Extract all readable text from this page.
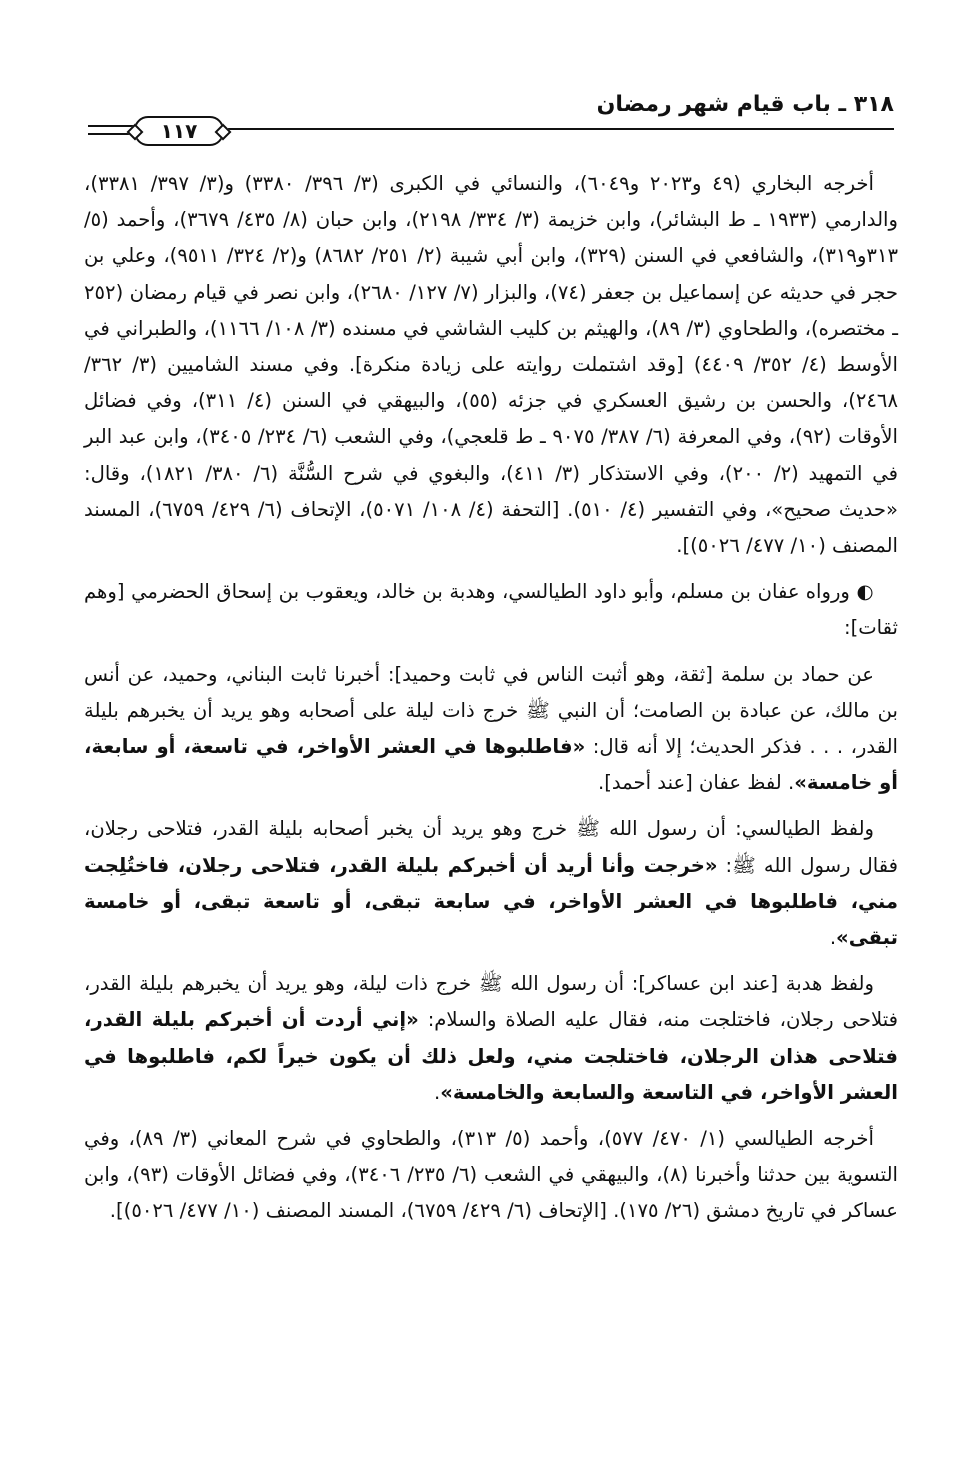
٣١٨ ـ باب قيام شهر رمضان
١١٧

أخرجه البخاري (٤٩ و٢٠٢٣ و٦٠٤٩)، والنسائي في الكبرى (٣/ ٣٩٦/ ٣٣٨٠) و(٣/ ٣٩٧/ ٣٣٨١)، والدارمي (١٩٣٣ ـ ط البشائر)، وابن خزيمة (٣/ ٣٣٤/ ٢١٩٨)، وابن حبان (٨/ ٤٣٥/ ٣٦٧٩)، وأحمد (٥/ ٣١٣و٣١٩)، والشافعي في السنن (٣٢٩)، وابن أبي شيبة (٢/ ٢٥١/ ٨٦٨٢) و(٢/ ٣٢٤/ ٩٥١١)، وعلي بن حجر في حديثه عن إسماعيل بن جعفر (٧٤)، والبزار (٧/ ١٢٧/ ٢٦٨٠)، وابن نصر في قيام رمضان (٢٥٢ ـ مختصره)، والطحاوي (٣/ ٨٩)، والهيثم بن كليب الشاشي في مسنده (٣/ ١٠٨/ ١١٦٦)، والطبراني في الأوسط (٤/ ٣٥٢/ ٤٤٠٩) [وقد اشتملت روايته على زيادة منكرة]. وفي مسند الشاميين (٣/ ٣٦٢/ ٢٤٦٨)، والحسن بن رشيق العسكري في جزئه (٥٥)، والبيهقي في السنن (٤/ ٣١١)، وفي فضائل الأوقات (٩٢)، وفي المعرفة (٦/ ٣٨٧/ ٩٠٧٥ ـ ط قلعجي)، وفي الشعب (٦/ ٢٣٤/ ٣٤٠٥)، وابن عبد البر في التمهيد (٢/ ٢٠٠)، وفي الاستذكار (٣/ ٤١١)، والبغوي في شرح السُّنَّة (٦/ ٣٨٠/ ١٨٢١)، وقال: «حديث صحيح»، وفي التفسير (٤/ ٥١٠). [التحفة (٤/ ١٠٨/ ٥٠٧١)، الإتحاف (٦/ ٤٢٩/ ٦٧٥٩)، المسند المصنف (١٠/ ٤٧٧/ ٥٠٢٦)].

◐ ورواه عفان بن مسلم، وأبو داود الطيالسي، وهدبة بن خالد، ويعقوب بن إسحاق الحضرمي [وهم ثقات]:

عن حماد بن سلمة [ثقة، وهو أثبت الناس في ثابت وحميد]: أخبرنا ثابت البناني، وحميد، عن أنس بن مالك، عن عبادة بن الصامت؛ أن النبي ﷺ خرج ذات ليلة على أصحابه وهو يريد أن يخبرهم بليلة القدر، . . . فذكر الحديث؛ إلا أنه قال: «فاطلبوها في العشر الأواخر، في تاسعة، أو سابعة، أو خامسة». لفظ عفان [عند أحمد].

ولفظ الطيالسي: أن رسول الله ﷺ خرج وهو يريد أن يخبر أصحابه بليلة القدر، فتلاحى رجلان، فقال رسول الله ﷺ: «خرجت وأنا أريد أن أخبركم بليلة القدر، فتلاحى رجلان، فاختُلِجت مني، فاطلبوها في العشر الأواخر، في سابعة تبقى، أو تاسعة تبقى، أو خامسة تبقى».

ولفظ هدبة [عند ابن عساكر]: أن رسول الله ﷺ خرج ذات ليلة، وهو يريد أن يخبرهم بليلة القدر، فتلاحى رجلان، فاختلجت منه، فقال عليه الصلاة والسلام: «إني أردت أن أخبركم بليلة القدر، فتلاحى هذان الرجلان، فاختلجت مني، ولعل ذلك أن يكون خيراً لكم، فاطلبوها في العشر الأواخر، في التاسعة والسابعة والخامسة».

أخرجه الطيالسي (١/ ٤٧٠/ ٥٧٧)، وأحمد (٥/ ٣١٣)، والطحاوي في شرح المعاني (٣/ ٨٩)، وفي التسوية بين حدثنا وأخبرنا (٨)، والبيهقي في الشعب (٦/ ٢٣٥/ ٣٤٠٦)، وفي فضائل الأوقات (٩٣)، وابن عساكر في تاريخ دمشق (٢٦/ ١٧٥). [الإتحاف (٦/ ٤٢٩/ ٦٧٥٩)، المسند المصنف (١٠/ ٤٧٧/ ٥٠٢٦)].
